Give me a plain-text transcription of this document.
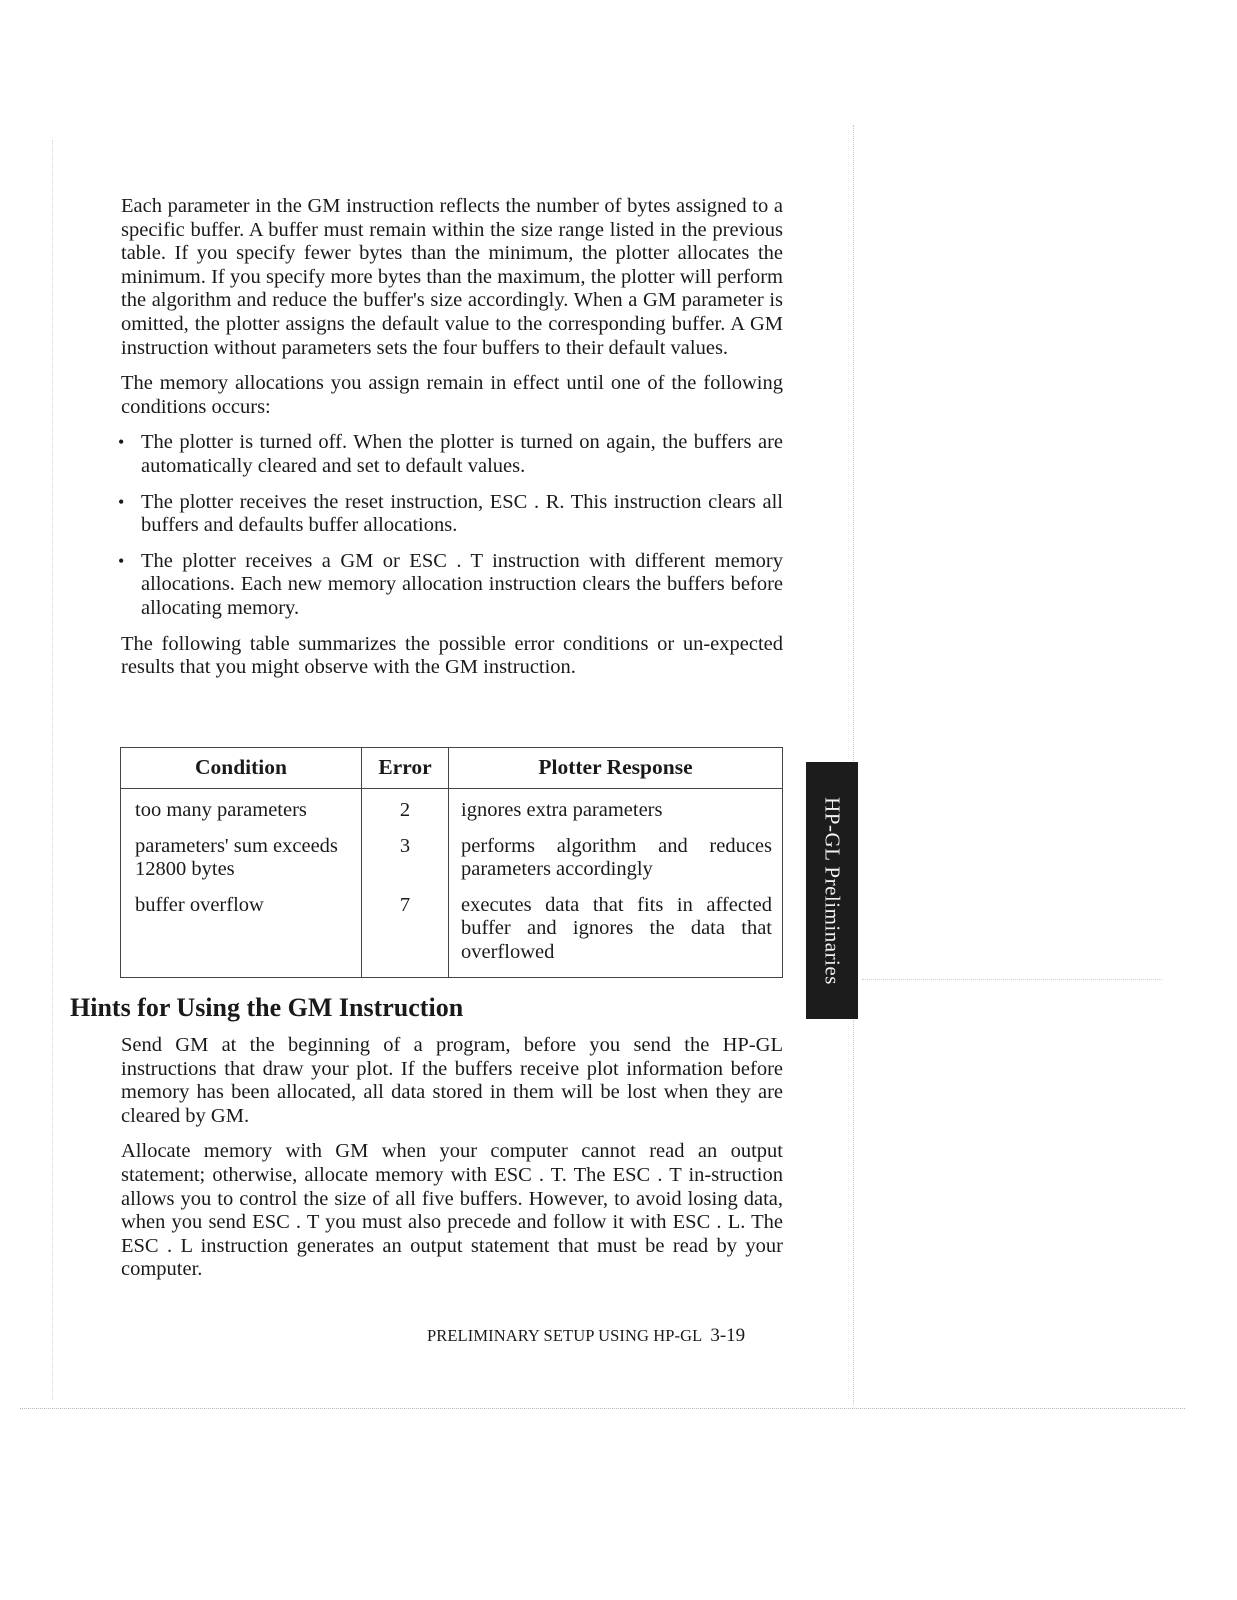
Each parameter in the GM instruction reflects the number of bytes assigned to a specific buffer. A buffer must remain within the size range listed in the previous table. If you specify fewer bytes than the minimum, the plotter allocates the minimum. If you specify more bytes than the maximum, the plotter will perform the algorithm and reduce the buffer's size accordingly. When a GM parameter is omitted, the plotter assigns the default value to the corresponding buffer. A GM instruction without parameters sets the four buffers to their default values.

The memory allocations you assign remain in effect until one of the following conditions occurs:

• The plotter is turned off. When the plotter is turned on again, the buffers are automatically cleared and set to default values.
• The plotter receives the reset instruction, ESC . R. This instruction clears all buffers and defaults buffer allocations.
• The plotter receives a GM or ESC . T instruction with different memory allocations. Each new memory allocation instruction clears the buffers before allocating memory.

The following table summarizes the possible error conditions or un-expected results that you might observe with the GM instruction.

Condition	Error	Plotter Response
too many parameters	2	ignores extra parameters
parameters' sum exceeds 12800 bytes	3	performs algorithm and reduces parameters accordingly
buffer overflow	7	executes data that fits in affected buffer and ignores the data that overflowed
Hints for Using the GM Instruction

Send GM at the beginning of a program, before you send the HP-GL instructions that draw your plot. If the buffers receive plot information before memory has been allocated, all data stored in them will be lost when they are cleared by GM.

Allocate memory with GM when your computer cannot read an output statement; otherwise, allocate memory with ESC . T. The ESC . T in-struction allows you to control the size of all five buffers. However, to avoid losing data, when you send ESC . T you must also precede and follow it with ESC . L. The ESC . L instruction generates an output statement that must be read by your computer.

PRELIMINARY SETUP USING HP-GL 3-19
HP-GL Preliminaries
